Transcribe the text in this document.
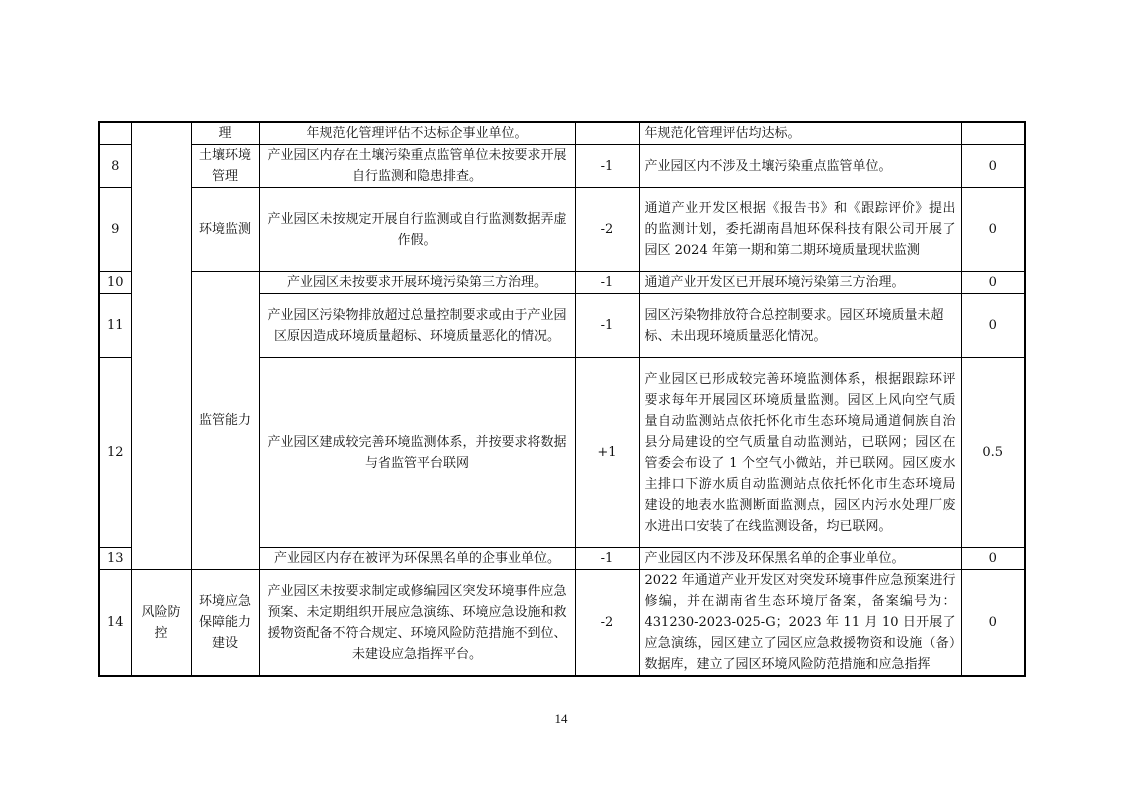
		理	年规范化管理评估不达标企事业单位。		年规范化管理评估均达标。	
8		土壤环境管理	产业园区内存在土壤污染重点监管单位未按要求开展自行监测和隐患排查。	-1	产业园区内不涉及土壤污染重点监管单位。	0
9		环境监测	产业园区未按规定开展自行监测或自行监测数据弄虚作假。	-2	通道产业开发区根据《报告书》和《跟踪评价》提出的监测计划，委托湖南昌旭环保科技有限公司开展了园区 2024 年第一期和第二期环境质量现状监测	0
10		监管能力	产业园区未按要求开展环境污染第三方治理。	-1	通道产业开发区已开展环境污染第三方治理。	0
11			产业园区污染物排放超过总量控制要求或由于产业园区原因造成环境质量超标、环境质量恶化的情况。	-1	园区污染物排放符合总控制要求。园区环境质量未超标、未出现环境质量恶化情况。	0
12			产业园区建成较完善环境监测体系，并按要求将数据与省监管平台联网	+1	产业园区已形成较完善环境监测体系，根据跟踪环评要求每年开展园区环境质量监测。园区上风向空气质量自动监测站点依托怀化市生态环境局通道侗族自治县分局建设的空气质量自动监测站，已联网；园区在管委会布设了 1 个空气小微站，并已联网。园区废水主排口下游水质自动监测站点依托怀化市生态环境局建设的地表水监测断面监测点，园区内污水处理厂废水进出口安装了在线监测设备，均已联网。	0.5
13			产业园区内存在被评为环保黑名单的企事业单位。	-1	产业园区内不涉及环保黑名单的企事业单位。	0
14	风险防控	环境应急保障能力建设	产业园区未按要求制定或修编园区突发环境事件应急预案、未定期组织开展应急演练、环境应急设施和救援物资配备不符合规定、环境风险防范措施不到位、未建设应急指挥平台。	-2	2022 年通道产业开发区对突发环境事件应急预案进行修编，并在湖南省生态环境厅备案，备案编号为：431230-2023-025-G；2023 年 11 月 10 日开展了应急演练，园区建立了园区应急救援物资和设施（备）数据库，建立了园区环境风险防范措施和应急指挥	0
14
